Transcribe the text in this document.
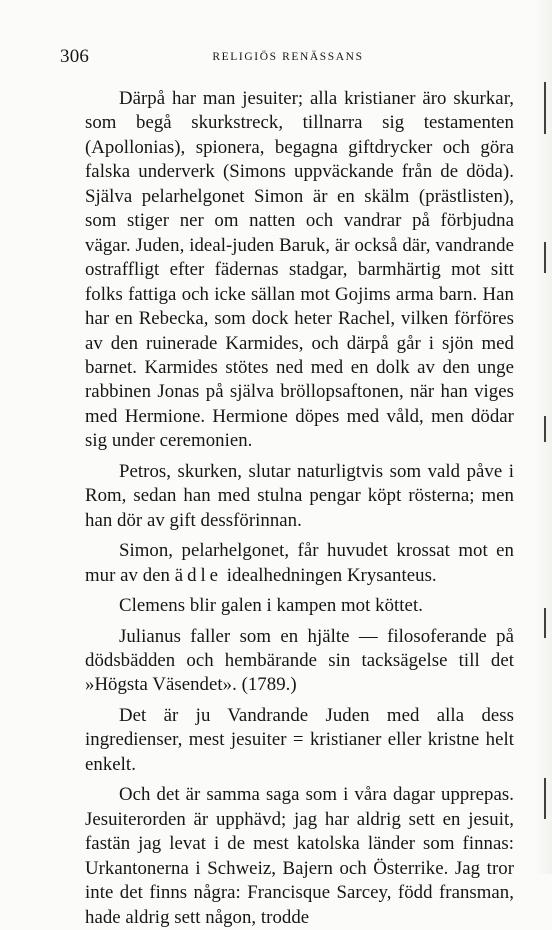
306	RELIGIÖS RENÄSSANS

Därpå har man jesuiter; alla kristianer äro skurkar, som begå skurkstreck, tillnarra sig testamenten (Apollonias), spionera, begagna giftdrycker och göra falska underverk (Simons uppväckande från de döda). Själva pelarhelgonet Simon är en skälm (prästlisten), som stiger ner om natten och vandrar på förbjudna vägar. Juden, ideal-juden Baruk, är också där, vandrande ostraffligt efter fädernas stadgar, barmhärtig mot sitt folks fattiga och icke sällan mot Gojims arma barn. Han har en Rebecka, som dock heter Rachel, vilken förföres av den ruinerade Karmides, och därpå går i sjön med barnet. Karmides stötes ned med en dolk av den unge rabbinen Jonas på själva bröllopsaftonen, när han viges med Hermione. Hermione döpes med våld, men dödar sig under ceremonien.

Petros, skurken, slutar naturligtvis som vald påve i Rom, sedan han med stulna pengar köpt rösterna; men han dör av gift dessförinnan.

Simon, pelarhelgonet, får huvudet krossat mot en mur av den ädle idealhedningen Krysanteus.

Clemens blir galen i kampen mot köttet.

Julianus faller som en hjälte — filosoferande på dödsbädden och hembärande sin tacksägelse till det »Högsta Väsendet». (1789.)

Det är ju Vandrande Juden med alla dess ingredienser, mest jesuiter = kristianer eller kristne helt enkelt.

Och det är samma saga som i våra dagar upprepas. Jesuiterorden är upphävd; jag har aldrig sett en jesuit, fastän jag levat i de mest katolska länder som finnas: Urkantonerna i Schweiz, Bajern och Österrike. Jag tror inte det finns några: Francisque Sarcey, född fransman, hade aldrig sett någon, trodde
